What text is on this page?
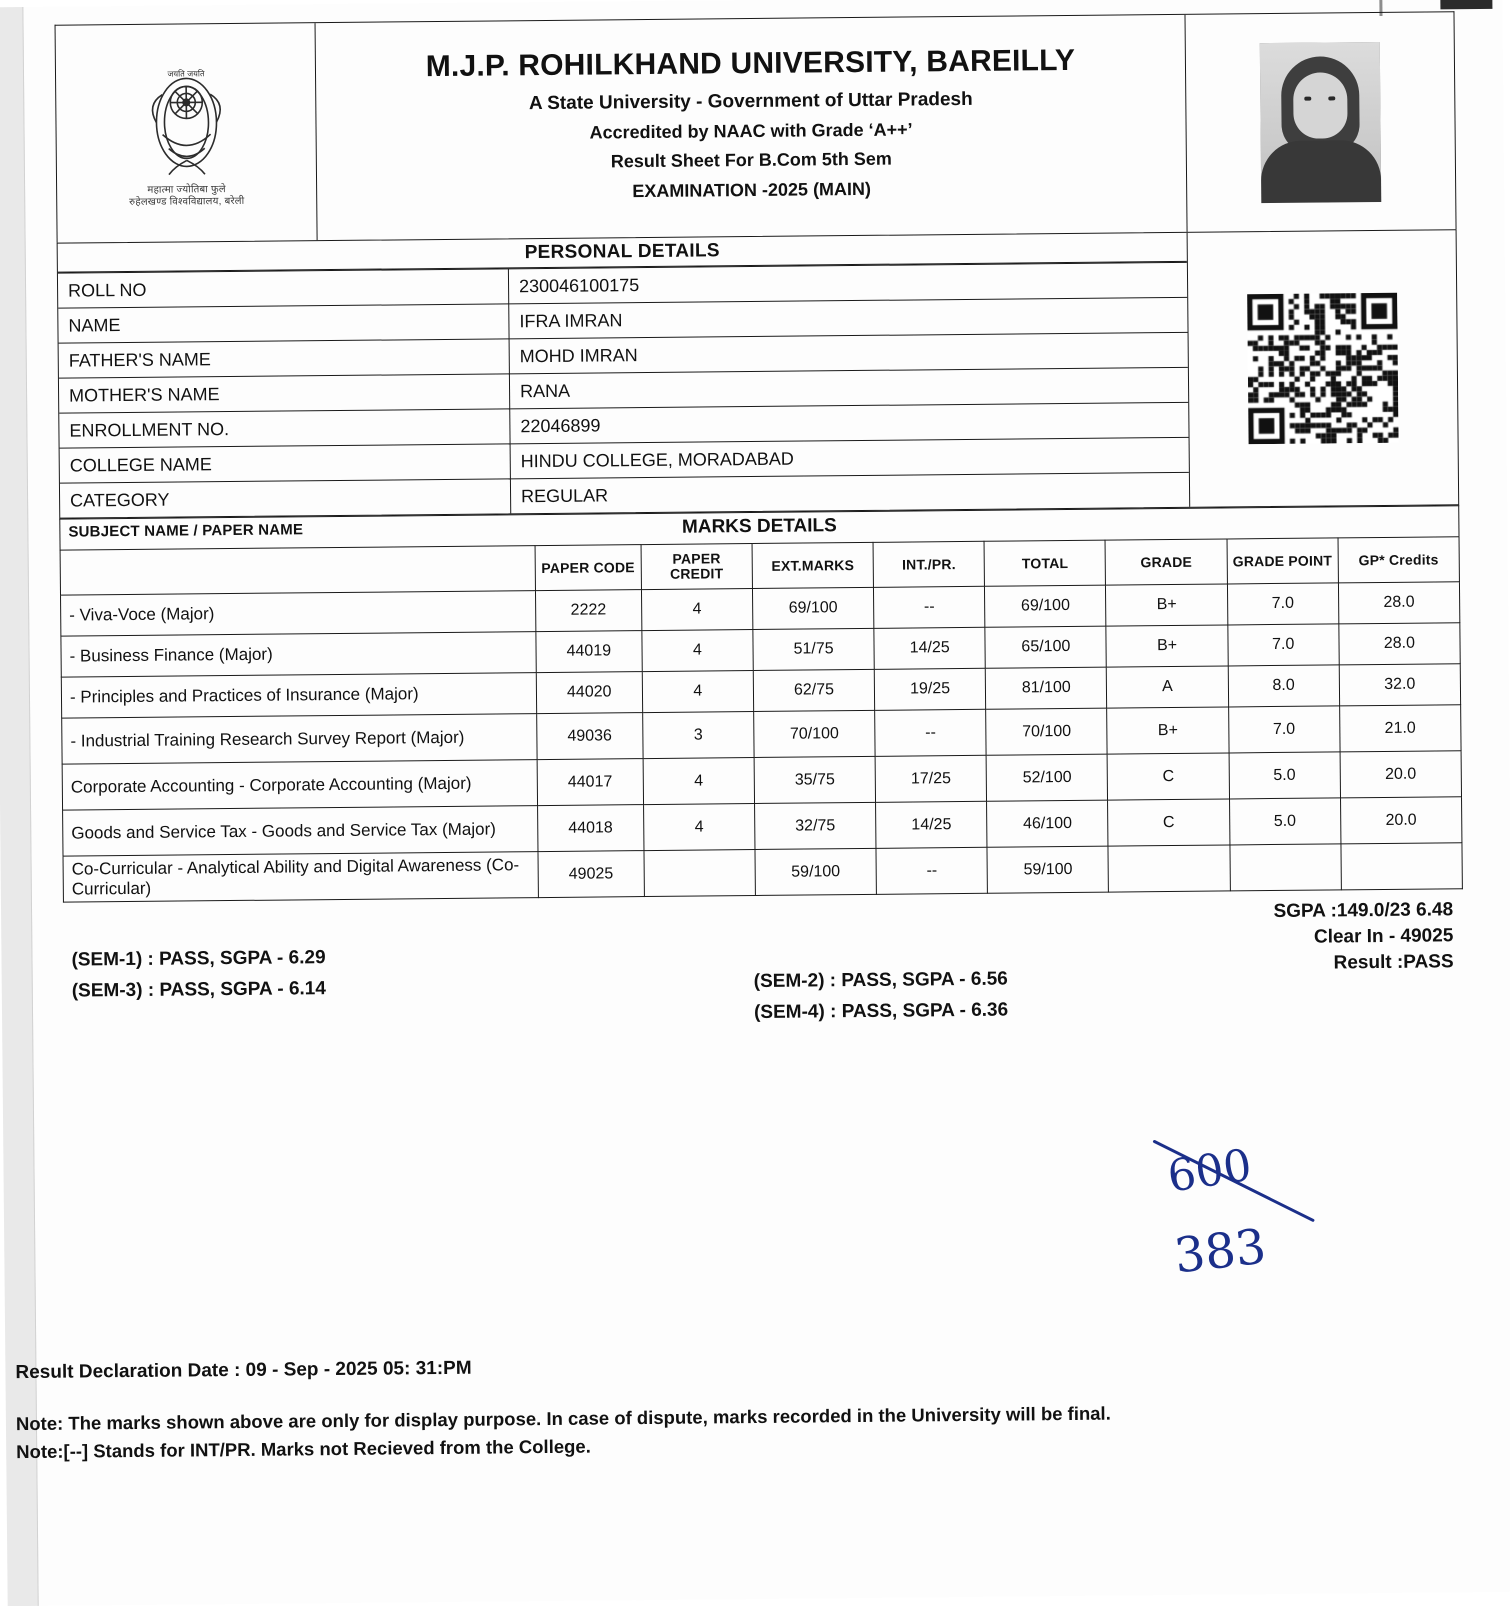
जयति जयति
महात्मा ज्योतिबा फुले
रुहेलखण्ड विश्वविद्यालय, बरेली
M.J.P. ROHILKHAND UNIVERSITY, BAREILLY
A State University - Government of Uttar Pradesh
Accredited by NAAC with Grade ‘A++’
Result Sheet For B.Com 5th Sem
EXAMINATION -2025 (MAIN)
PERSONAL DETAILS
ROLL NO	230046100175
NAME	IFRA IMRAN
FATHER'S NAME	MOHD IMRAN
MOTHER'S NAME	RANA
ENROLLMENT NO.	22046899
COLLEGE NAME	HINDU COLLEGE, MORADABAD
CATEGORY	REGULAR
SUBJECT NAME / PAPER NAME	MARKS DETAILS
	PAPER CODE	PAPER CREDIT	EXT.MARKS	INT./PR.	TOTAL	GRADE	GRADE POINT	GP* Credits
- Viva-Voce (Major)	2222	4	69/100	--	69/100	B+	7.0	28.0
- Business Finance (Major)	44019	4	51/75	14/25	65/100	B+	7.0	28.0
- Principles and Practices of Insurance (Major)	44020	4	62/75	19/25	81/100	A	8.0	32.0
- Industrial Training Research Survey Report (Major)	49036	3	70/100	--	70/100	B+	7.0	21.0
Corporate Accounting - Corporate Accounting (Major)	44017	4	35/75	17/25	52/100	C	5.0	20.0
Goods and Service Tax - Goods and Service Tax (Major)	44018	4	32/75	14/25	46/100	C	5.0	20.0
Co-Curricular - Analytical Ability and Digital Awareness (Co-Curricular)	49025		59/100	--	59/100			
SGPA :149.0/23 6.48
Clear In - 49025
Result :PASS
(SEM-1) : PASS, SGPA - 6.29
(SEM-3) : PASS, SGPA - 6.14	(SEM-2) : PASS, SGPA - 6.56
(SEM-4) : PASS, SGPA - 6.36
600
383
Result Declaration Date : 09 - Sep - 2025 05: 31:PM
Note: The marks shown above are only for display purpose. In case of dispute, marks recorded in the University will be final.
Note:[--] Stands for INT/PR. Marks not Recieved from the College.
